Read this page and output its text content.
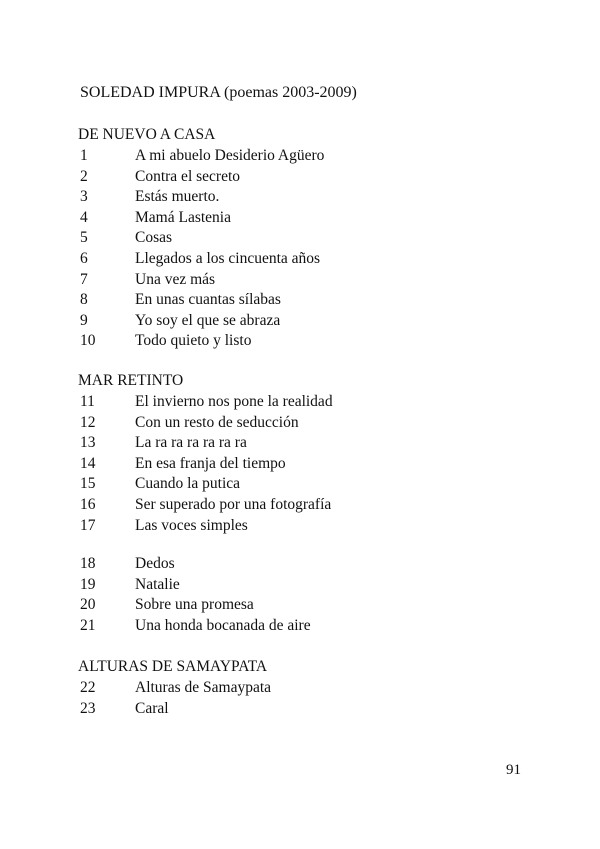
SOLEDAD IMPURA (poemas 2003-2009)
DE NUEVO A CASA
1	A mi abuelo Desiderio Agüero
2	Contra el secreto
3	Estás muerto.
4	Mamá Lastenia
5	Cosas
6	Llegados a los cincuenta años
7	Una vez más
8	En unas cuantas sílabas
9	Yo soy el que se abraza
10	Todo quieto y listo
MAR RETINTO
11	El invierno nos pone la realidad
12	Con un resto de seducción
13	La ra ra ra ra ra ra
14	En esa franja del tiempo
15	Cuando la putica
16	Ser superado por una fotografía
17	Las voces simples
18	Dedos
19	Natalie
20	Sobre una promesa
21	Una honda bocanada de aire
ALTURAS DE SAMAYPATA
22	Alturas de Samaypata
23	Caral
91
